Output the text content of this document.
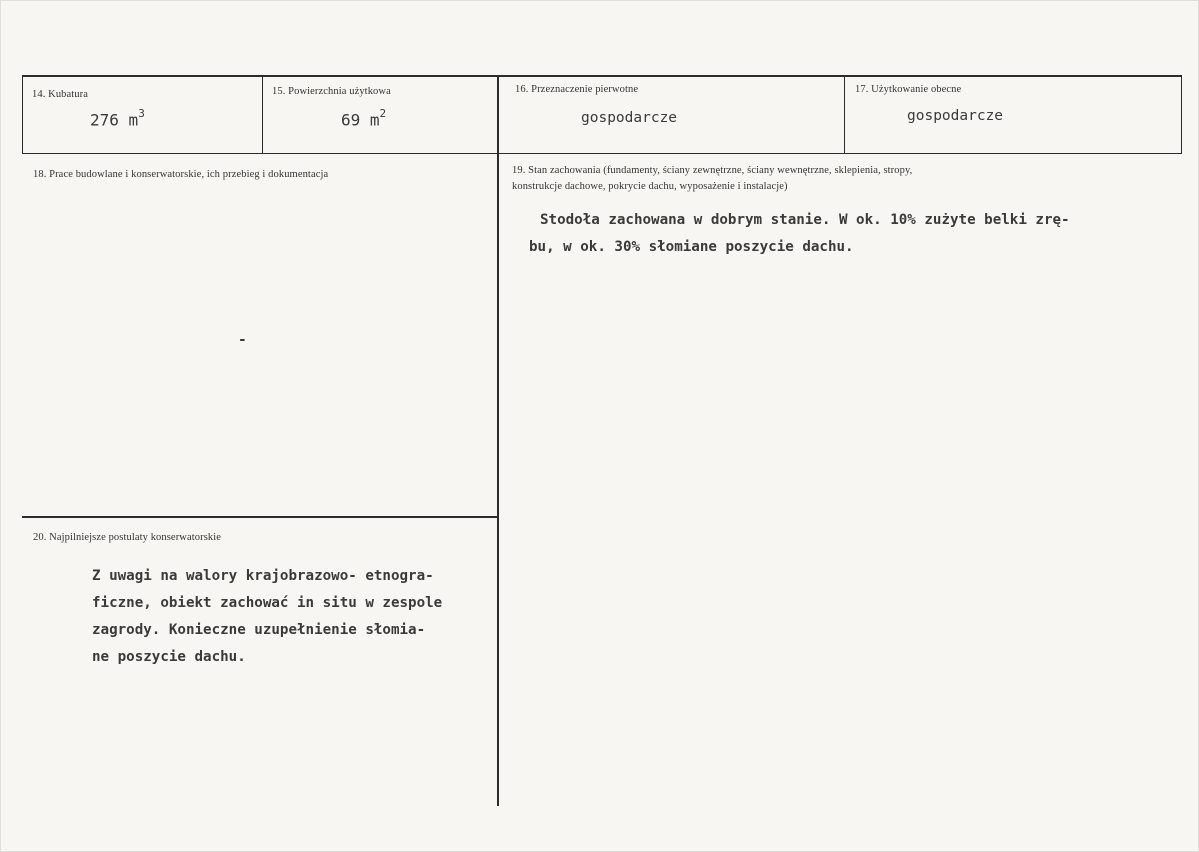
14. Kubatura
276 $m^3$
15. Powierzchnia użytkowa
69 $m^2$
16. Przeznaczenie pierwotne
gospodarcze
17. Użytkowanie obecne
gospodarcze
18. Prace budowlane i konserwatorskie, ich przebieg i dokumentacja
-
19. Stan zachowania (fundamenty, ściany zewnętrzne, ściany wewnętrzne, sklepienia, stropy,
konstrukcje dachowe, pokrycie dachu, wyposażenie i instalacje)
Stodoła zachowana w dobrym stanie. W ok. 10% zużyte belki zrę-
bu, w ok. 30% słomiane poszycie dachu.
20. Najpilniejsze postulaty konserwatorskie
Z uwagi na walory krajobrazowo- etnogra-
ficzne, obiekt zachować in situ w zespole
zagrody. Konieczne uzupełnienie słomia-
ne poszycie dachu.
